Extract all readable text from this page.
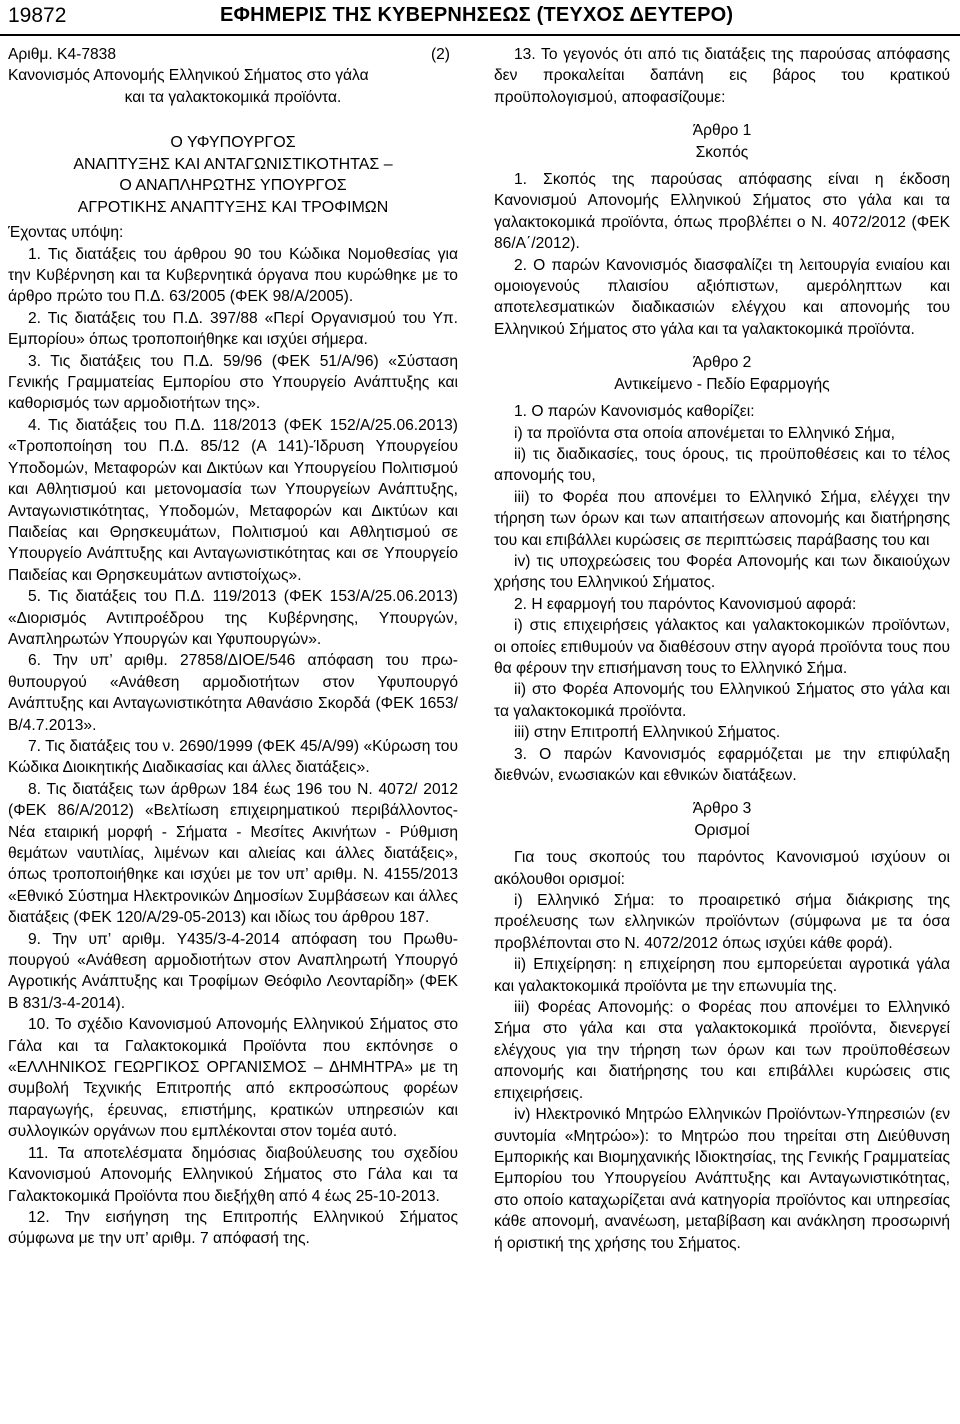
19872	ΕΦΗΜΕΡΙΣ ΤΗΣ ΚΥΒΕΡΝΗΣΕΩΣ (ΤΕΥΧΟΣ ΔΕΥΤΕΡΟ)
Αριθμ. Κ4-7838	(2)
Κανονισμός Απονομής Ελληνικού Σήματος στο γάλα
και τα γαλακτοκομικά προϊόντα.
Ο ΥΦΥΠΟΥΡΓΟΣ
ΑΝΑΠΤΥΞΗΣ ΚΑΙ ΑΝΤΑΓΩΝΙΣΤΙΚΟΤΗΤΑΣ –
Ο ΑΝΑΠΛΗΡΩΤΗΣ ΥΠΟΥΡΓΟΣ
ΑΓΡΟΤΙΚΗΣ ΑΝΑΠΤΥΞΗΣ ΚΑΙ ΤΡΟΦΙΜΩΝ

Έχοντας υπόψη:

1. Τις διατάξεις του άρθρου 90 του Κώδικα Νομοθεσίας για την Κυβέρνηση και τα Κυβερνητικά όργανα που κυρώθηκε με το άρθρο πρώτο του Π.Δ. 63/2005 (ΦΕΚ 98/Α/2005).

2. Τις διατάξεις του Π.Δ. 397/88 «Περί Οργανισμού του Υπ. Εμπορίου» όπως τροποποιήθηκε και ισχύει σήμερα.

3. Τις διατάξεις του Π.Δ. 59/96 (ΦΕΚ 51/Α/96) «Σύσταση Γενικής Γραμματείας Εμπορίου στο Υπουργείο Ανάπτυξης και καθορισμός των αρμοδιοτήτων της».

4. Τις διατάξεις του Π.Δ. 118/2013 (ΦΕΚ 152/Α/25.06.2013) «Τροποποίηση του Π.Δ. 85/12 (Α 141)-Ίδρυση Υπουργείου Υποδομών, Μεταφορών και Δικτύων και Υπουργείου Πολιτισμού και Αθλητισμού και μετονομασία των Υπουργείων Ανάπτυξης, Ανταγωνιστικότητας, Υποδομών, Μεταφορών και Δικτύων και Παιδείας και Θρησκευμάτων, Πολιτισμού και Αθλητισμού σε Υπουργείο Ανάπτυξης και Ανταγωνιστικότητας και σε Υπουργείο Παιδείας και Θρησκευμάτων αντιστοίχως».

5. Τις διατάξεις του Π.Δ. 119/2013 (ΦΕΚ 153/Α/25.06.2013) «Διορισμός Αντιπροέδρου της Κυβέρνησης, Υπουργών, Αναπληρωτών Υπουργών και Υφυπουργών».

6. Την υπ’ αριθμ. 27858/ΔΙΟΕ/546 απόφαση του πρωθυπουργού «Ανάθεση αρμοδιοτήτων στον Υφυπουργό Ανάπτυξης και Ανταγωνιστικότητα Αθανάσιο Σκορδά (ΦΕΚ 1653/Β/4.7.2013».

7. Τις διατάξεις του ν. 2690/1999 (ΦΕΚ 45/Α/99) «Κύρωση του Κώδικα Διοικητικής Διαδικασίας και άλλες διατάξεις».

8. Τις διατάξεις των άρθρων 184 έως 196 του Ν. 4072/ 2012 (ΦΕΚ 86/Α/2012) «Βελτίωση επιχειρηματικού περιβάλλοντος-Νέα εταιρική μορφή - Σήματα - Μεσίτες Ακινήτων - Ρύθμιση θεμάτων ναυτιλίας, λιμένων και αλιείας και άλλες διατάξεις», όπως τροποποιήθηκε και ισχύει με τον υπ’ αριθμ. Ν. 4155/2013 «Εθνικό Σύστημα Ηλεκτρονικών Δημοσίων Συμβάσεων και άλλες διατάξεις (ΦΕΚ 120/Α/29-05-2013) και ιδίως του άρθρου 187.

9. Την υπ’ αριθμ. Υ435/3-4-2014 απόφαση του Πρωθυπουργού «Ανάθεση αρμοδιοτήτων στον Αναπληρωτή Υπουργό Αγροτικής Ανάπτυξης και Τροφίμων Θεόφιλο Λεονταρίδη» (ΦΕΚ Β 831/3-4-2014).

10. Το σχέδιο Κανονισμού Απονομής Ελληνικού Σήματος στο Γάλα και τα Γαλακτοκομικά Προϊόντα που εκπόνησε ο «ΕΛΛΗΝΙΚΟΣ ΓΕΩΡΓΙΚΟΣ ΟΡΓΑΝΙΣΜΟΣ – ΔΗΜΗΤΡΑ» με τη συμβολή Τεχνικής Επιτροπής από εκπροσώπους φορέων παραγωγής, έρευνας, επιστήμης, κρατικών υπηρεσιών και συλλογικών οργάνων που εμπλέκονται στον τομέα αυτό.

11. Τα αποτελέσματα δημόσιας διαβούλευσης του σχεδίου Κανονισμού Απονομής Ελληνικού Σήματος στο Γάλα και τα Γαλακτοκομικά Προϊόντα που διεξήχθη από 4 έως 25-10-2013.

12. Την εισήγηση της Επιτροπής Ελληνικού Σήματος σύμφωνα με την υπ’ αριθμ. 7 απόφασή της.

13. Το γεγονός ότι από τις διατάξεις της παρούσας απόφασης δεν προκαλείται δαπάνη εις βάρος του κρατικού προϋπολογισμού, αποφασίζουμε:

Άρθρο 1
Σκοπός

1. Σκοπός της παρούσας απόφασης είναι η έκδοση Κανονισμού Απονομής Ελληνικού Σήματος στο γάλα και τα γαλακτοκομικά προϊόντα, όπως προβλέπει ο Ν. 4072/2012 (ΦΕΚ 86/Α΄/2012).

2. Ο παρών Κανονισμός διασφαλίζει τη λειτουργία ενιαίου και ομοιογενούς πλαισίου αξιόπιστων, αμερόληπτων και αποτελεσματικών διαδικασιών ελέγχου και απονομής του Ελληνικού Σήματος στο γάλα και τα γαλακτοκομικά προϊόντα.

Άρθρο 2
Αντικείμενο - Πεδίο Εφαρμογής

1. Ο παρών Κανονισμός καθορίζει:

i) τα προϊόντα στα οποία απονέμεται το Ελληνικό Σήμα,

ii) τις διαδικασίες, τους όρους, τις προϋποθέσεις και το τέλος απονομής του,

iii) το Φορέα που απονέμει το Ελληνικό Σήμα, ελέγχει την τήρηση των όρων και των απαιτήσεων απονομής και διατήρησης του και επιβάλλει κυρώσεις σε περιπτώσεις παράβασης του και

iv) τις υποχρεώσεις του Φορέα Απονομής και των δικαιούχων χρήσης του Ελληνικού Σήματος.

2. Η εφαρμογή του παρόντος Κανονισμού αφορά:

i) στις επιχειρήσεις γάλακτος και γαλακτοκομικών προϊόντων, οι οποίες επιθυμούν να διαθέσουν στην αγορά προϊόντα τους που θα φέρουν την επισήμανση τους το Ελληνικό Σήμα.

ii) στο Φορέα Απονομής του Ελληνικού Σήματος στο γάλα και τα γαλακτοκομικά προϊόντα.

iii) στην Επιτροπή Ελληνικού Σήματος.

3. Ο παρών Κανονισμός εφαρμόζεται με την επιφύλαξη διεθνών, ενωσιακών και εθνικών διατάξεων.

Άρθρο 3
Ορισμοί

Για τους σκοπούς του παρόντος Κανονισμού ισχύουν οι ακόλουθοι ορισμοί:

i) Ελληνικό Σήμα: το προαιρετικό σήμα διάκρισης της προέλευσης των ελληνικών προϊόντων (σύμφωνα με τα όσα προβλέπονται στο Ν. 4072/2012 όπως ισχύει κάθε φορά).

ii) Επιχείρηση: η επιχείρηση που εμπορεύεται αγροτικά γάλα και γαλακτοκομικά προϊόντα με την επωνυμία της.

iii) Φορέας Απονομής: ο Φορέας που απονέμει το Ελληνικό Σήμα στο γάλα και στα γαλακτοκομικά προϊόντα, διενεργεί ελέγχους για την τήρηση των όρων και των προϋποθέσεων απονομής και διατήρησης του και επιβάλλει κυρώσεις στις επιχειρήσεις.

iv) Ηλεκτρονικό Μητρώο Ελληνικών Προϊόντων-Υπηρεσιών (εν συντομία «Μητρώο»): το Μητρώο που τηρείται στη Διεύθυνση Εμπορικής και Βιομηχανικής Ιδιοκτησίας, της Γενικής Γραμματείας Εμπορίου του Υπουργείου Ανάπτυξης και Ανταγωνιστικότητας, στο οποίο καταχωρίζεται ανά κατηγορία προϊόντος και υπηρεσίας κάθε απονομή, ανανέωση, μεταβίβαση και ανάκληση προσωρινή ή οριστική της χρήσης του Σήματος.
